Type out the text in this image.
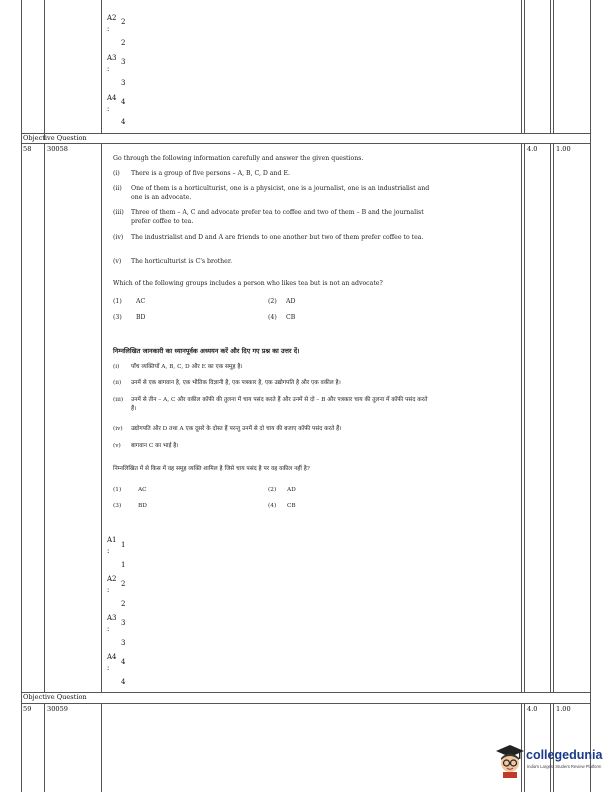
A2 2
:
2
A3 3
:
3
A4 4
:
4
Objective Question
58 30058	4.0	1.00
Go through the following information carefully and answer the given questions.
(i) There is a group of five persons – A, B, C, D and E.
(ii) One of them is a horticulturist, one is a physicist, one is a journalist, one is an industrialist and one is an advocate.
(iii) Three of them – A, C and advocate prefer tea to coffee and two of them – B and the journalist prefer coffee to tea.
(iv) The industrialist and D and A are friends to one another but two of them prefer coffee to tea.
(v) The horticulturist is C's brother.
Which of the following groups includes a person who likes tea but is not an advocate?
(1) AC	(2) AD
(3) BD	(4) CB
निम्नलिखित जानकारी का ध्यानपूर्वक अध्ययन करें और दिए गए प्रश्न का उत्तर दें।
(i) पाँच व्यक्तियों A, B, C, D और E का एक समूह है।
(ii) उनमें से एक बागवान है, एक भौतिक विज्ञानी है, एक पत्रकार है, एक उद्योगपति है और एक वकील है।
(iii) उनमें से तीन – A, C और वकील कॉफी की तुलना में चाय पसंद करते हैं और उनमें से दो – B और पत्रकार चाय की तुलना में कॉफी पसंद करते हैं।
(iv) उद्योगपति और D तथा A एक दूसरे के दोस्त हैं परन्तु उनमें से दो चाय की बजाए कॉफी पसंद करते हैं।
(v) बागवान C का भाई है।
निम्नलिखित में से किस में वह समूह व्यक्ति शामिल है जिसे चाय पसंद है पर वह वकील नहीं है?
(1)	AC	(2) AD
(3)	BD	(4) CB
A1
1
:
1
A2
2
:
2
A3
3
:
3
A4
4
:
4
Objective Question
59 30059	4.0	1.00
collegedunia
India's Largest Student Review Platform
